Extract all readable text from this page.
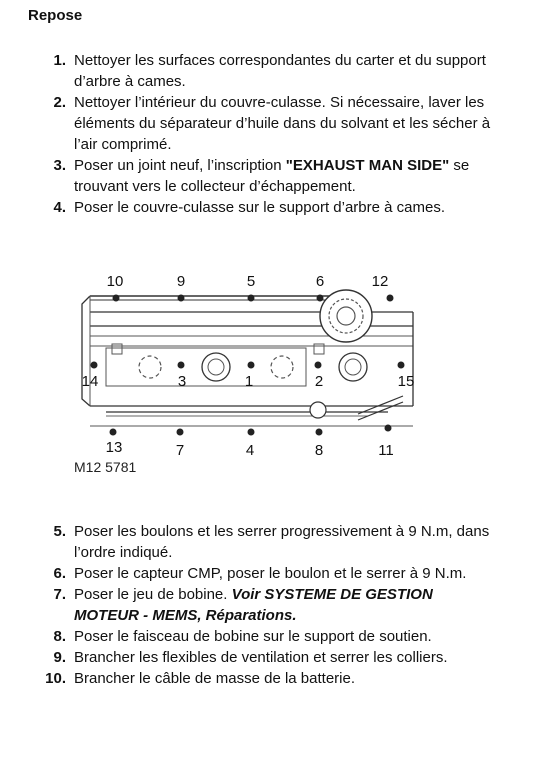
Repose
1. Nettoyer les surfaces correspondantes du carter et du support d’arbre à cames.
2. Nettoyer l’intérieur du couvre-culasse. Si nécessaire, laver les éléments du séparateur d’huile dans du solvant et les sécher à l’air comprimé.
3. Poser un joint neuf, l’inscription "EXHAUST MAN SIDE" se trouvant vers le collecteur d’échappement.
4. Poser le couvre-culasse sur le support d’arbre à cames.
10	9	5	6	12
14	3	1	2	15
13	7	4	8	11
M12 5781
5. Poser les boulons et les serrer progressivement à 9 N.m, dans l’ordre indiqué.
6. Poser le capteur CMP, poser le boulon et le serrer à 9 N.m.
7. Poser le jeu de bobine. Voir SYSTEME DE GESTION MOTEUR - MEMS, Réparations.
8. Poser le faisceau de bobine sur le support de soutien.
9. Brancher les flexibles de ventilation et serrer les colliers.
10. Brancher le câble de masse de la batterie.
